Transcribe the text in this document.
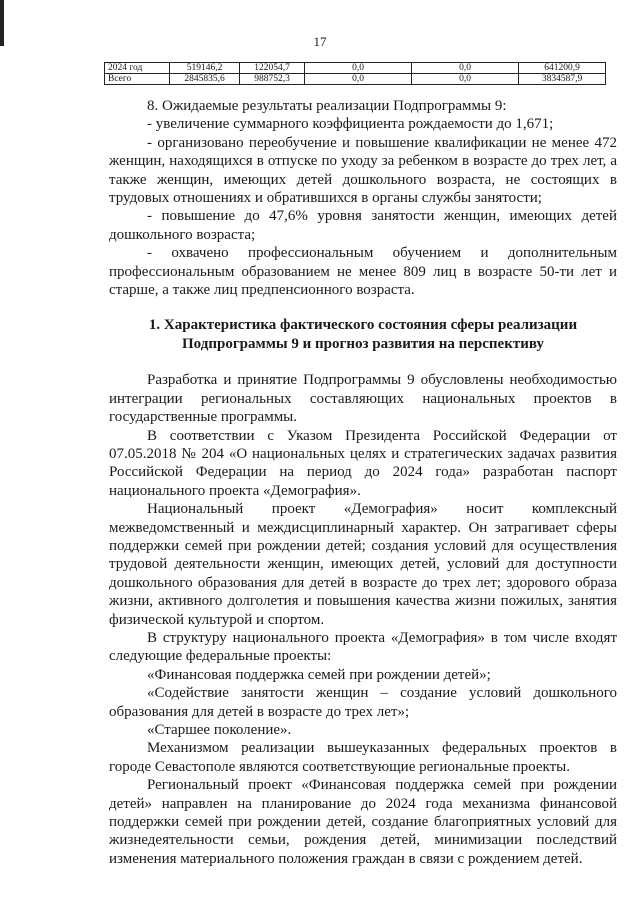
17
2024 год	519146,2	122054,7	0,0	0,0	641200,9
Всего	2845835,6	988752,3	0,0	0,0	3834587,9

8. Ожидаемые результаты реализации Подпрограммы 9:

- увеличение суммарного коэффициента рождаемости до 1,671;

- организовано переобучение и повышение квалификации не менее 472 женщин, находящихся в отпуске по уходу за ребенком в возрасте до трех лет, а также женщин, имеющих детей дошкольного возраста, не состоящих в трудовых отношениях и обратившихся в органы службы занятости;

- повышение до 47,6% уровня занятости женщин, имеющих детей дошкольного возраста;

- охвачено профессиональным обучением и дополнительным профессиональным образованием не менее 809 лиц в возрасте 50-ти лет и старше, а также лиц предпенсионного возраста.

1. Характеристика фактического состояния сферы реализации Подпрограммы 9 и прогноз развития на перспективу

Разработка и принятие Подпрограммы 9 обусловлены необходимостью интеграции региональных составляющих национальных проектов в государственные программы.

В соответствии с Указом Президента Российской Федерации от 07.05.2018 № 204 «О национальных целях и стратегических задачах развития Российской Федерации на период до 2024 года» разработан паспорт национального проекта «Демография».

Национальный проект «Демография» носит комплексный межведомственный и междисциплинарный характер. Он затрагивает сферы поддержки семей при рождении детей; создания условий для осуществления трудовой деятельности женщин, имеющих детей, условий для доступности дошкольного образования для детей в возрасте до трех лет; здорового образа жизни, активного долголетия и повышения качества жизни пожилых, занятия физической культурой и спортом.

В структуру национального проекта «Демография» в том числе входят следующие федеральные проекты:

«Финансовая поддержка семей при рождении детей»;

«Содействие занятости женщин – создание условий дошкольного образования для детей в возрасте до трех лет»;

«Старшее поколение».

Механизмом реализации вышеуказанных федеральных проектов в городе Севастополе являются соответствующие региональные проекты.

Региональный проект «Финансовая поддержка семей при рождении детей» направлен на планирование до 2024 года механизма финансовой поддержки семей при рождении детей, создание благоприятных условий для жизнедеятельности семьи, рождения детей, минимизации последствий изменения материального положения граждан в связи с рождением детей.
